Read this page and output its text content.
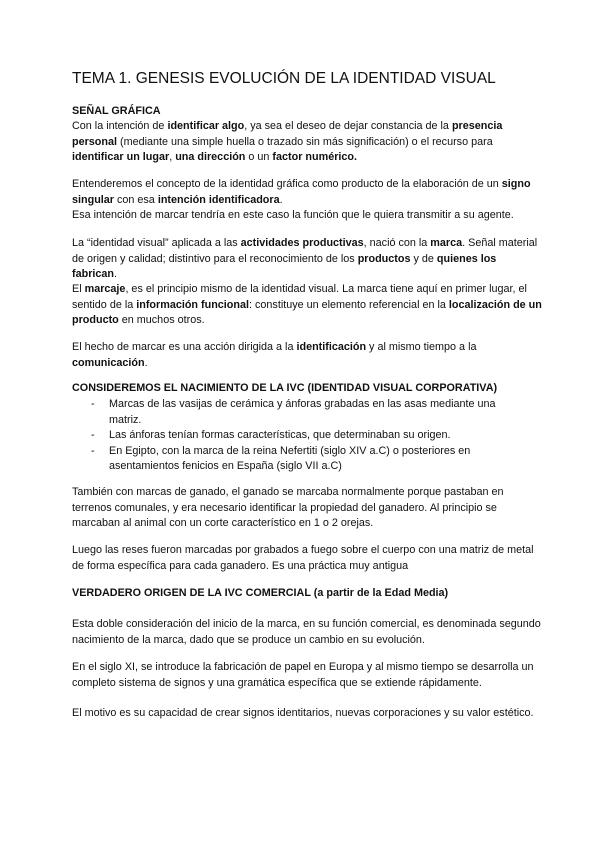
TEMA 1. GENESIS EVOLUCIÓN DE LA IDENTIDAD VISUAL
SEÑAL GRÁFICA
Con la intención de identificar algo, ya sea el deseo de dejar constancia de la presencia personal (mediante una simple huella o trazado sin más significación) o el recurso para identificar un lugar, una dirección o un factor numérico.
Entenderemos el concepto de la identidad gráfica como producto de la elaboración de un signo singular con esa intención identificadora.
Esa intención de marcar tendría en este caso la función que le quiera transmitir a su agente.
La “identidad visual” aplicada a las actividades productivas, nació con la marca. Señal material de origen y calidad; distintivo para el reconocimiento de los productos y de quienes los fabrican.
El marcaje, es el principio mismo de la identidad visual. La marca tiene aquí en primer lugar, el sentido de la información funcional: constituye un elemento referencial en la localización de un producto en muchos otros.
El hecho de marcar es una acción dirigida a la identificación y al mismo tiempo a la comunicación.
CONSIDEREMOS EL NACIMIENTO DE LA IVC (IDENTIDAD VISUAL CORPORATIVA)
- Marcas de las vasijas de cerámica y ánforas grabadas en las asas mediante una matriz.
- Las ánforas tenían formas características, que determinaban su origen.
- En Egipto, con la marca de la reina Nefertiti (siglo XIV a.C) o posteriores en asentamientos fenicios en España (siglo VII a.C)
También con marcas de ganado, el ganado se marcaba normalmente porque pastaban en terrenos comunales, y era necesario identificar la propiedad del ganadero. Al principio se marcaban al animal con un corte característico en 1 o 2 orejas.
Luego las reses fueron marcadas por grabados a fuego sobre el cuerpo con una matriz de metal de forma específica para cada ganadero. Es una práctica muy antigua
VERDADERO ORIGEN DE LA IVC COMERCIAL (a partir de la Edad Media)
Esta doble consideración del inicio de la marca, en su función comercial, es denominada segundo nacimiento de la marca, dado que se produce un cambio en su evolución.
En el siglo XI, se introduce la fabricación de papel en Europa y al mismo tiempo se desarrolla un completo sistema de signos y una gramática específica que se extiende rápidamente.
El motivo es su capacidad de crear signos identitarios, nuevas corporaciones y su valor estético.
